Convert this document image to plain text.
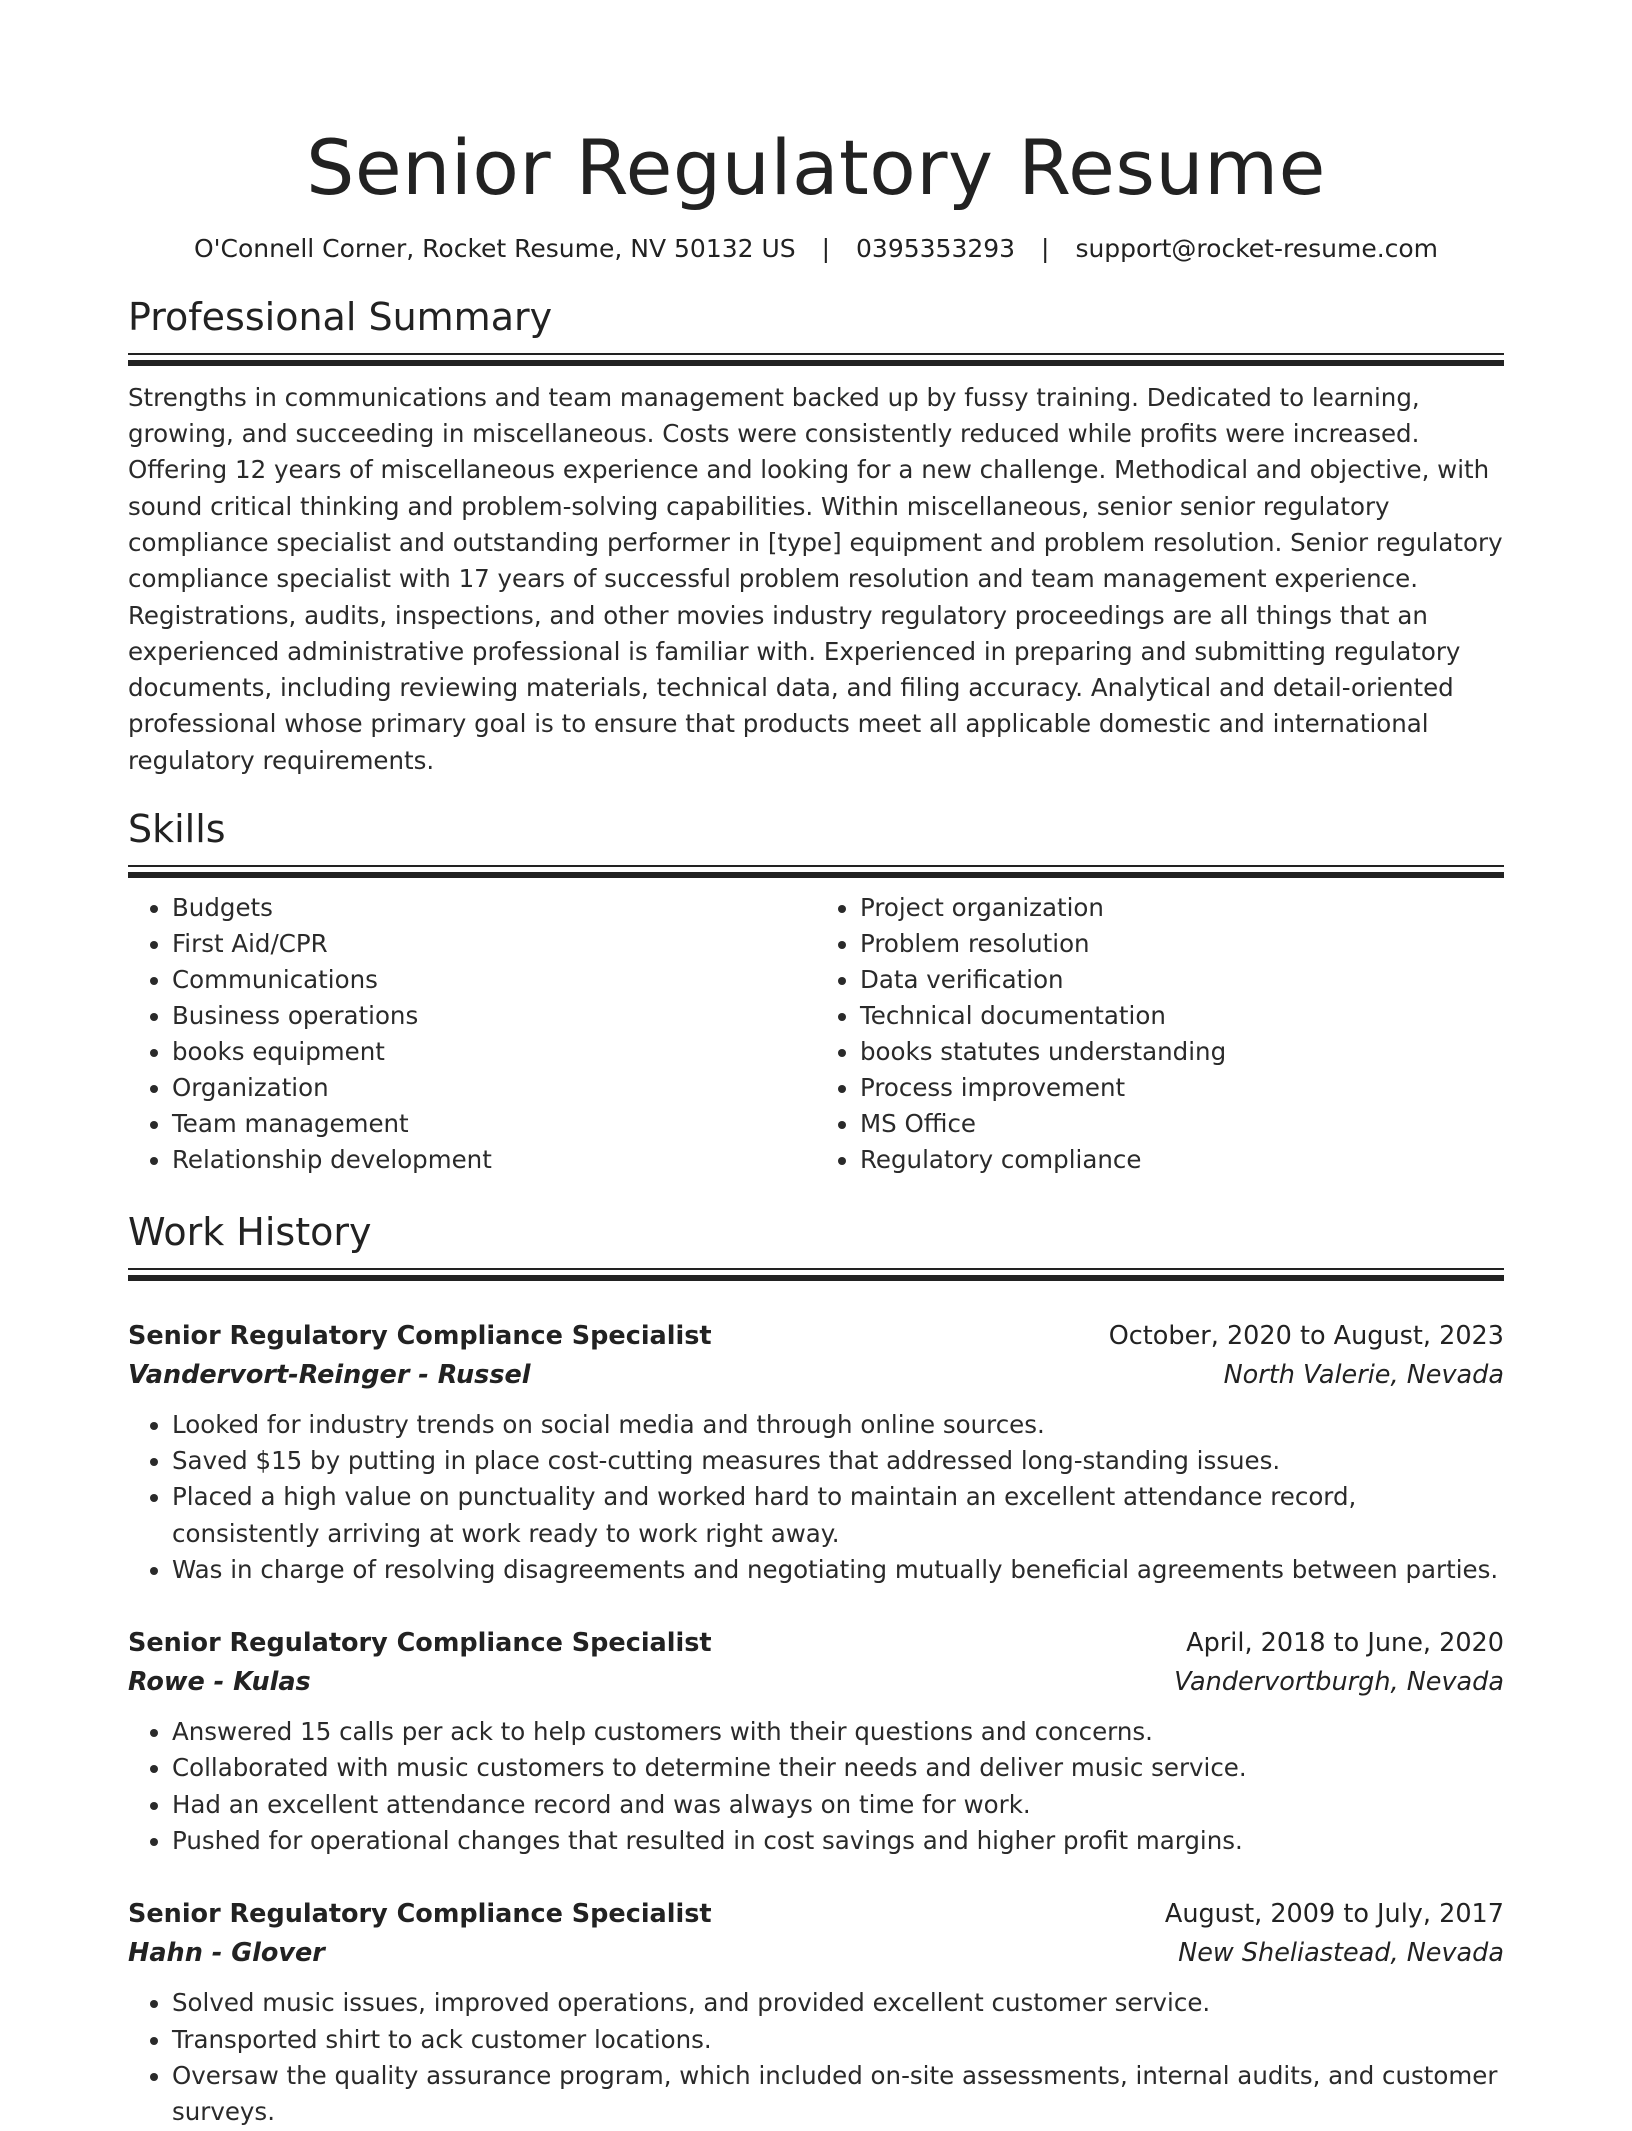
Senior Regulatory Resume
O'Connell Corner, Rocket Resume, NV 50132 US | 0395353293 | support@rocket-resume.com
Professional Summary

Strengths in communications and team management backed up by fussy training. Dedicated to learning, growing, and succeeding in miscellaneous. Costs were consistently reduced while profits were increased. Offering 12 years of miscellaneous experience and looking for a new challenge. Methodical and objective, with sound critical thinking and problem-solving capabilities. Within miscellaneous, senior senior regulatory compliance specialist and outstanding performer in [type] equipment and problem resolution. Senior regulatory compliance specialist with 17 years of successful problem resolution and team management experience. Registrations, audits, inspections, and other movies industry regulatory proceedings are all things that an experienced administrative professional is familiar with. Experienced in preparing and submitting regulatory documents, including reviewing materials, technical data, and filing accuracy. Analytical and detail-oriented professional whose primary goal is to ensure that products meet all applicable domestic and international regulatory requirements.

Skills
• Budgets
• First Aid/CPR
• Communications
• Business operations
• books equipment
• Organization
• Team management
• Relationship development
• Project organization
• Problem resolution
• Data verification
• Technical documentation
• books statutes understanding
• Process improvement
• MS Office
• Regulatory compliance
Work History
Senior Regulatory Compliance Specialist	October, 2020 to August, 2023
Vandervort-Reinger - Russel	North Valerie, Nevada
• Looked for industry trends on social media and through online sources.
• Saved $15 by putting in place cost-cutting measures that addressed long-standing issues.
• Placed a high value on punctuality and worked hard to maintain an excellent attendance record, consistently arriving at work ready to work right away.
• Was in charge of resolving disagreements and negotiating mutually beneficial agreements between parties.
Senior Regulatory Compliance Specialist	April, 2018 to June, 2020
Rowe - Kulas	Vandervortburgh, Nevada
• Answered 15 calls per ack to help customers with their questions and concerns.
• Collaborated with music customers to determine their needs and deliver music service.
• Had an excellent attendance record and was always on time for work.
• Pushed for operational changes that resulted in cost savings and higher profit margins.
Senior Regulatory Compliance Specialist	August, 2009 to July, 2017
Hahn - Glover	New Sheliastead, Nevada
• Solved music issues, improved operations, and provided excellent customer service.
• Transported shirt to ack customer locations.
• Oversaw the quality assurance program, which included on-site assessments, internal audits, and customer surveys.
